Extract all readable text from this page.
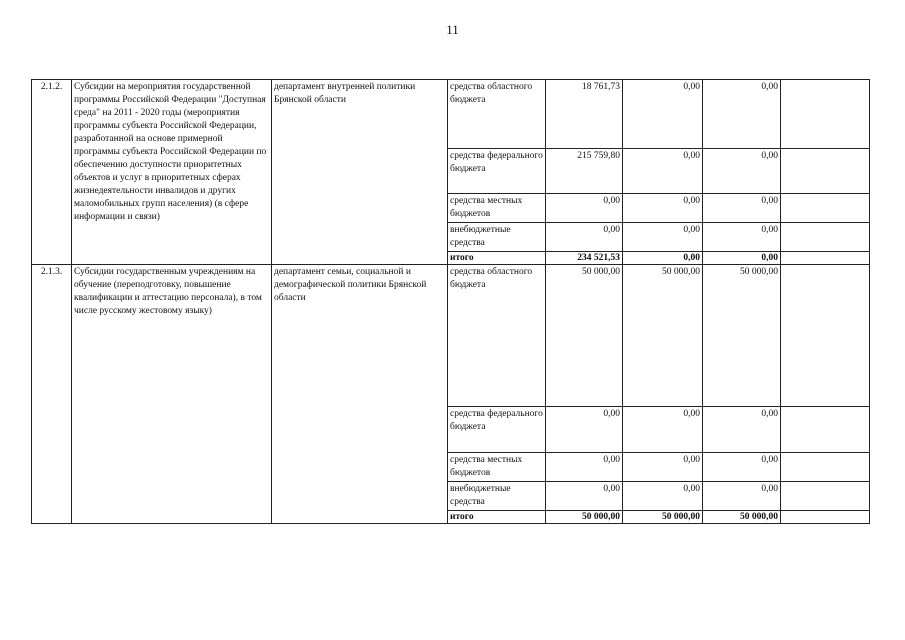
11
2.1.2.	Субсидии на мероприятия государственной программы Российской Федерации "Доступная среда" на 2011 - 2020 годы (мероприятия программы субъекта Российской Федерации, разработанной на основе примерной программы субъекта Российской Федерации по обеспечению доступности приоритетных объектов и услуг в приоритетных сферах жизнедеятельности инвалидов и других маломобильных групп населения) (в сфере информации и связи)	департамент внутренней политики Брянской области	средства областного бюджета	18 761,73	0,00	0,00	
			средства федерального бюджета	215 759,80	0,00	0,00	
			средства местных бюджетов	0,00	0,00	0,00	
			внебюджетные средства	0,00	0,00	0,00	
			итого	234 521,53	0,00	0,00	
2.1.3.	Субсидии государственным учреждениям на обучение (переподготовку, повышение квалификации и аттестацию персонала), в том числе русскому жестовому языку)	департамент семьи, социальной и демографической политики Брянской области	средства областного бюджета	50 000,00	50 000,00	50 000,00	
			средства федерального бюджета	0,00	0,00	0,00	
			средства местных бюджетов	0,00	0,00	0,00	
			внебюджетные средства	0,00	0,00	0,00	
			итого	50 000,00	50 000,00	50 000,00	
